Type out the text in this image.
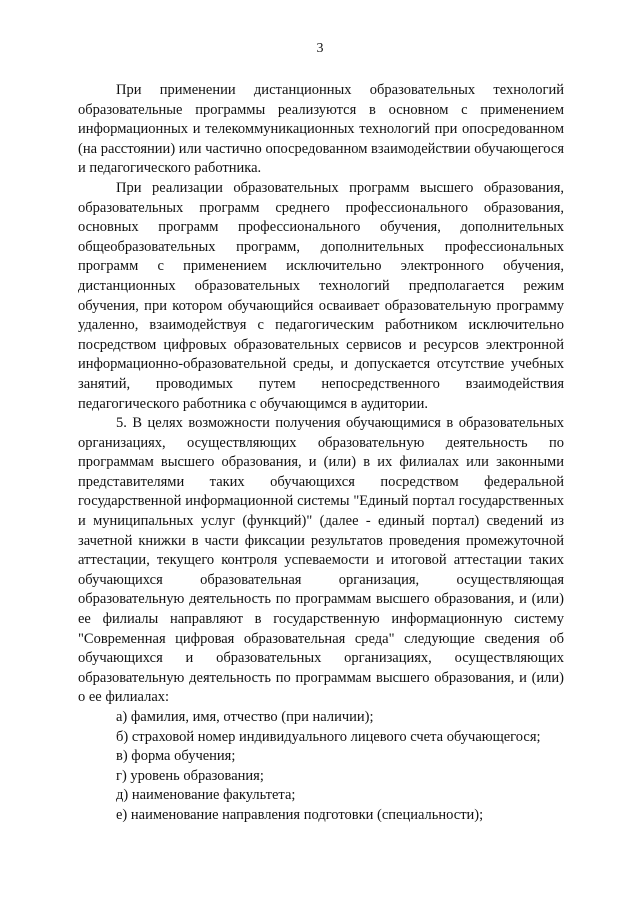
3

При применении дистанционных образовательных технологий образовательные программы реализуются в основном с применением информационных и телекоммуникационных технологий при опосредованном (на расстоянии) или частично опосредованном взаимодействии обучающегося и педагогического работника.

При реализации образовательных программ высшего образования, образовательных программ среднего профессионального образования, основных программ профессионального обучения, дополнительных общеобразовательных программ, дополнительных профессиональных программ с применением исключительно электронного обучения, дистанционных образовательных технологий предполагается режим обучения, при котором обучающийся осваивает образовательную программу удаленно, взаимодействуя с педагогическим работником исключительно посредством цифровых образовательных сервисов и ресурсов электронной информационно-образовательной среды, и допускается отсутствие учебных занятий, проводимых путем непосредственного взаимодействия педагогического работника с обучающимся в аудитории.

5. В целях возможности получения обучающимися в образовательных организациях, осуществляющих образовательную деятельность по программам высшего образования, и (или) в их филиалах или законными представителями таких обучающихся посредством федеральной государственной информационной системы "Единый портал государственных и муниципальных услуг (функций)" (далее - единый портал) сведений из зачетной книжки в части фиксации результатов проведения промежуточной аттестации, текущего контроля успеваемости и итоговой аттестации таких обучающихся образовательная организация, осуществляющая образовательную деятельность по программам высшего образования, и (или) ее филиалы направляют в государственную информационную систему "Современная цифровая образовательная среда" следующие сведения об обучающихся и образовательных организациях, осуществляющих образовательную деятельность по программам высшего образования, и (или) о ее филиалах:

а) фамилия, имя, отчество (при наличии);

б) страховой номер индивидуального лицевого счета обучающегося;

в) форма обучения;

г) уровень образования;

д) наименование факультета;

е) наименование направления подготовки (специальности);
